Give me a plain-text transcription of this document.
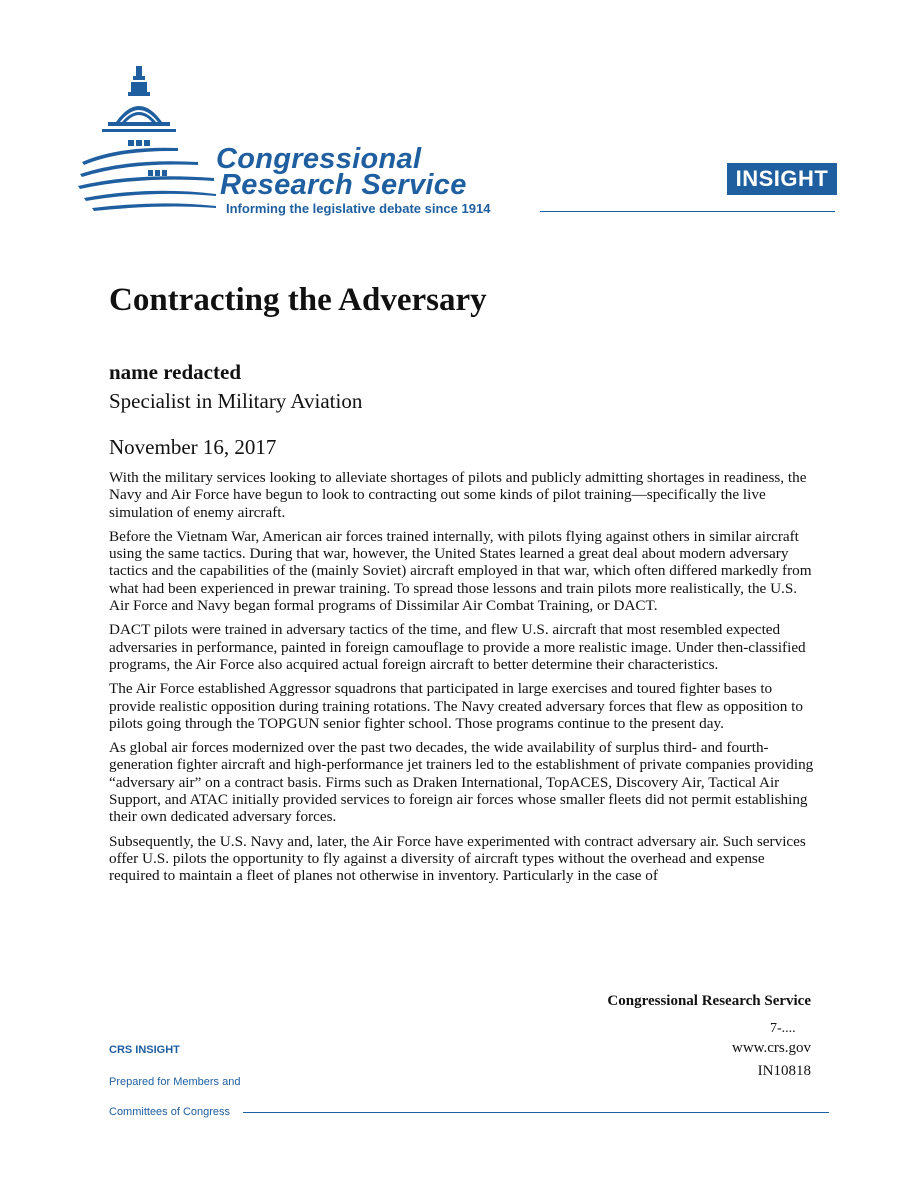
Congressional
Research Service
Informing the legislative debate since 1914
INSIGHT
Contracting the Adversary
name redacted
Specialist in Military Aviation
November 16, 2017

With the military services looking to alleviate shortages of pilots and publicly admitting shortages in readiness, the Navy and Air Force have begun to look to contracting out some kinds of pilot training—specifically the live simulation of enemy aircraft.

Before the Vietnam War, American air forces trained internally, with pilots flying against others in similar aircraft using the same tactics. During that war, however, the United States learned a great deal about modern adversary tactics and the capabilities of the (mainly Soviet) aircraft employed in that war, which often differed markedly from what had been experienced in prewar training. To spread those lessons and train pilots more realistically, the U.S. Air Force and Navy began formal programs of Dissimilar Air Combat Training, or DACT.

DACT pilots were trained in adversary tactics of the time, and flew U.S. aircraft that most resembled expected adversaries in performance, painted in foreign camouflage to provide a more realistic image. Under then-classified programs, the Air Force also acquired actual foreign aircraft to better determine their characteristics.

The Air Force established Aggressor squadrons that participated in large exercises and toured fighter bases to provide realistic opposition during training rotations. The Navy created adversary forces that flew as opposition to pilots going through the TOPGUN senior fighter school. Those programs continue to the present day.

As global air forces modernized over the past two decades, the wide availability of surplus third- and fourth-generation fighter aircraft and high-performance jet trainers led to the establishment of private companies providing “adversary air” on a contract basis. Firms such as Draken International, TopACES, Discovery Air, Tactical Air Support, and ATAC initially provided services to foreign air forces whose smaller fleets did not permit establishing their own dedicated adversary forces.

Subsequently, the U.S. Navy and, later, the Air Force have experimented with contract adversary air. Such services offer U.S. pilots the opportunity to fly against a diversity of aircraft types without the overhead and expense required to maintain a fleet of planes not otherwise in inventory. Particularly in the case of

Congressional Research Service
7-....
www.crs.gov
IN10818
CRS INSIGHT
Prepared for Members and
Committees of Congress
